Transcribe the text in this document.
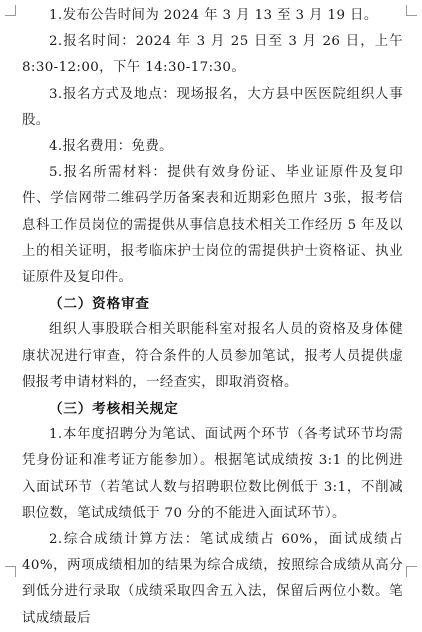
1.发布公告时间为 2024 年 3 月 13 至 3 月 19 日。

2.报名时间：2024 年 3 月 25 日至 3 月 26 日，上午 8:30-12:00，下午 14:30-17:30。

3.报名方式及地点：现场报名，大方县中医医院组织人事股。

4.报名费用：免费。

5.报名所需材料：提供有效身份证、毕业证原件及复印件、学信网带二维码学历备案表和近期彩色照片 3张，报考信息科工作员岗位的需提供从事信息技术相关工作经历 5 年及以上的相关证明，报考临床护士岗位的需提供护士资格证、执业证原件及复印件。

（二）资格审查

组织人事股联合相关职能科室对报名人员的资格及身体健康状况进行审查，符合条件的人员参加笔试，报考人员提供虚假报考申请材料的，一经查实，即取消资格。

（三）考核相关规定

1.本年度招聘分为笔试、面试两个环节（各考试环节均需凭身份证和准考证方能参加）。根据笔试成绩按 3:1 的比例进入面试环节（若笔试人数与招聘职位数比例低于 3:1，不削减职位数，笔试成绩低于 70 分的不能进入面试环节）。

2.综合成绩计算方法：笔试成绩占 60%，面试成绩占 40%，两项成绩相加的结果为综合成绩，按照综合成绩从高分到低分进行录取（成绩采取四舍五入法，保留后两位小数。笔试成绩最后
